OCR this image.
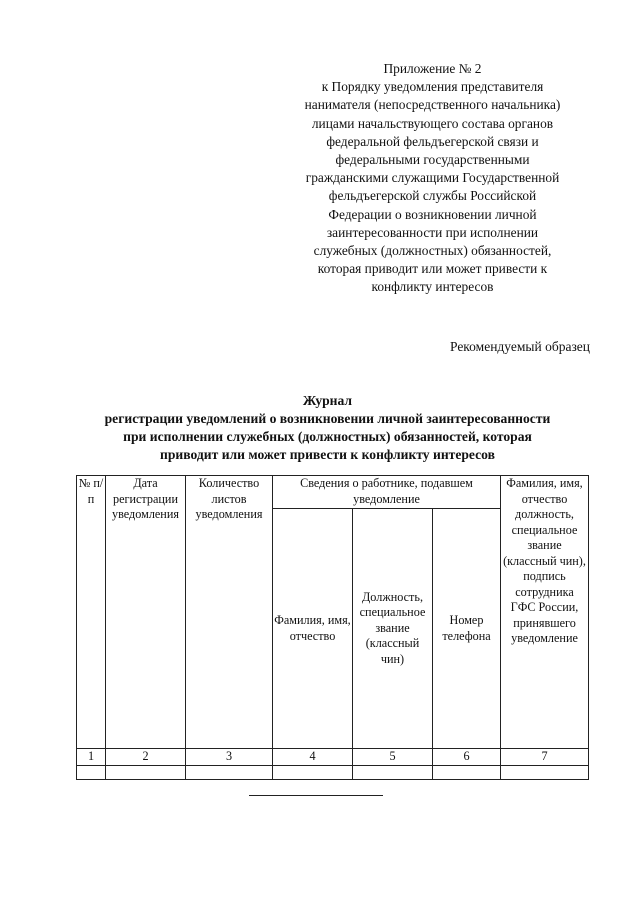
Приложение № 2
к Порядку уведомления представителя
нанимателя (непосредственного начальника)
лицами начальствующего состава органов
федеральной фельдъегерской связи и
федеральными государственными
гражданскими служащими Государственной
фельдъегерской службы Российской
Федерации о возникновении личной
заинтересованности при исполнении
служебных (должностных) обязанностей,
которая приводит или может привести к
конфликту интересов
Рекомендуемый образец
Журнал
регистрации уведомлений о возникновении личной заинтересованности
при исполнении служебных (должностных) обязанностей, которая
приводит или может привести к конфликту интересов
№ п/п	Дата регистрации уведомления	Количество листов уведомления	Сведения о работнике, подавшем уведомление			Фамилия, имя, отчество должность, специальное звание (классный чин), подпись сотрудника ГФС России, принявшего уведомление
			Фамилия, имя, отчество	Должность, специальное звание (классный чин)	Номер телефона	
1	2	3	4	5	6	7
